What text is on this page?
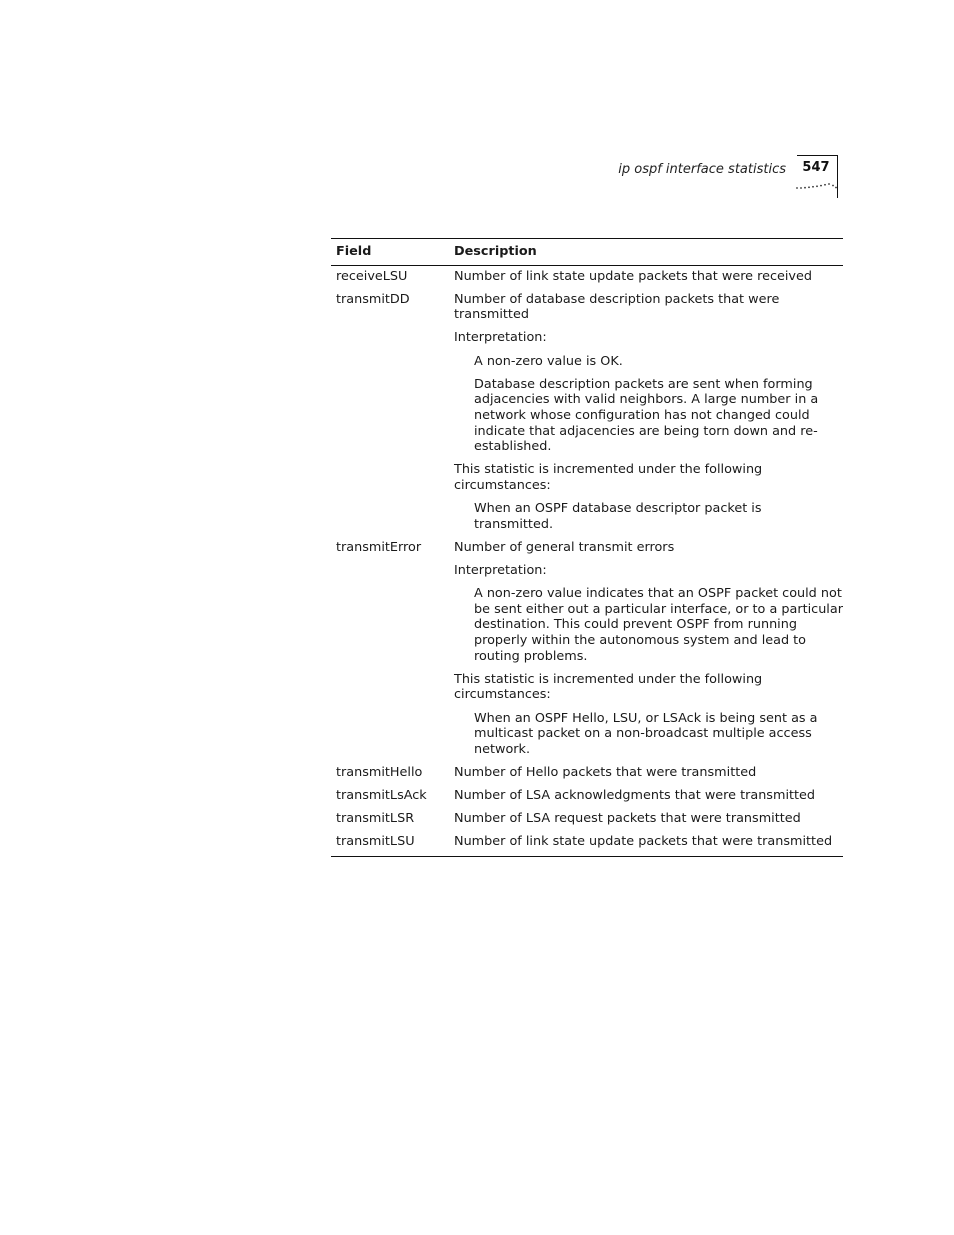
ip ospf interface statistics	547
Field	Description
receiveLSU	Number of link state update packets that were received

transmitDD	Number of database description packets that were transmitted

Interpretation:

A non-zero value is OK.

Database description packets are sent when forming adjacencies with valid neighbors. A large number in a network whose configuration has not changed could indicate that adjacencies are being torn down and re-established.

This statistic is incremented under the following circumstances:

When an OSPF database descriptor packet is transmitted.

transmitError	Number of general transmit errors

Interpretation:

A non-zero value indicates that an OSPF packet could not be sent either out a particular interface, or to a particular destination. This could prevent OSPF from running properly within the autonomous system and lead to routing problems.

This statistic is incremented under the following circumstances:

When an OSPF Hello, LSU, or LSAck is being sent as a multicast packet on a non-broadcast multiple access network.

transmitHello	Number of Hello packets that were transmitted

transmitLsAck	Number of LSA acknowledgments that were transmitted

transmitLSR	Number of LSA request packets that were transmitted

transmitLSU	Number of link state update packets that were transmitted
